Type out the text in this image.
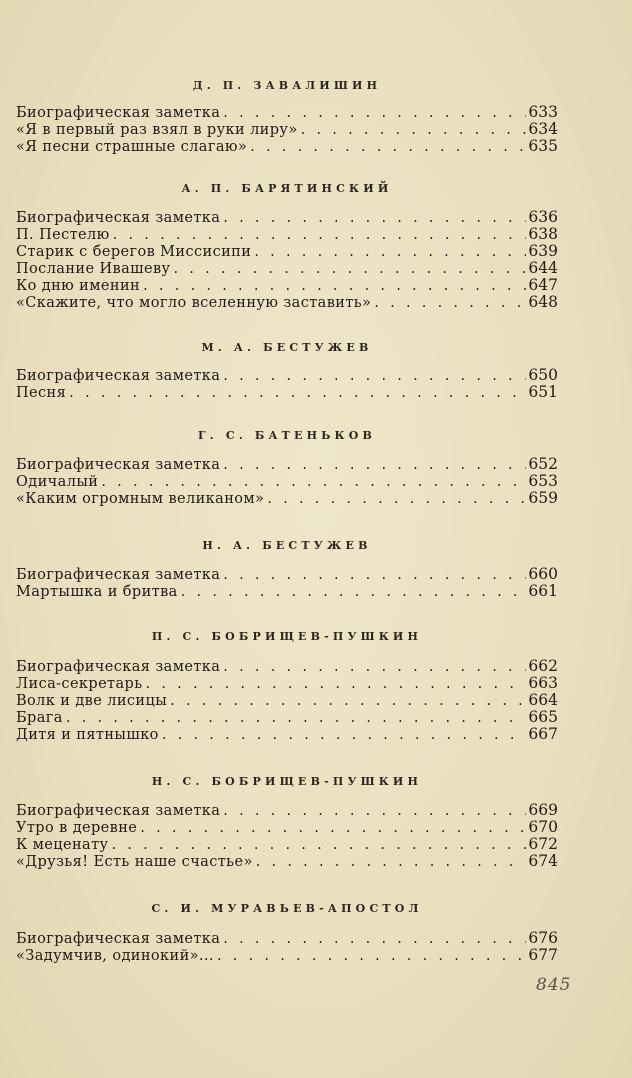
Д. П. ЗАВАЛИШИН
Биографическая заметка . . .	633
«Я в первый раз взял в руки лиру» . . .	634
«Я песни страшные слагаю» . . .	635
А. П. БАРЯТИНСКИЙ
Биографическая заметка . . .	636
П. Пестелю . . .	638
Старик с берегов Миссисипи . . .	639
Послание Ивашеву . . .	644
Ко дню именин . . .	647
«Скажите, что могло вселенную заставить» . . .	648
М. А. БЕСТУЖЕВ
Биографическая заметка . . .	650
Песня . . .	651
Г. С. БАТЕНЬКОВ
Биографическая заметка . . .	652
Одичалый . . .	653
«Каким огромным великаном» . . .	659
Н. А. БЕСТУЖЕВ
Биографическая заметка . . .	660
Мартышка и бритва . . .	661
П. С. БОБРИЩЕВ-ПУШКИН
Биографическая заметка . . .	662
Лиса-секретарь . . .	663
Волк и две лисицы . . .	664
Брага . . .	665
Дитя и пятнышко . . .	667
Н. С. БОБРИЩЕВ-ПУШКИН
Биографическая заметка . . .	669
Утро в деревне . . .	670
К меценату . . .	672
«Друзья! Есть наше счастье» . . .	674
С. И. МУРАВЬЕВ-АПОСТОЛ
Биографическая заметка . . .	676
«Задумчив, одинокий»... . . .	677
845
